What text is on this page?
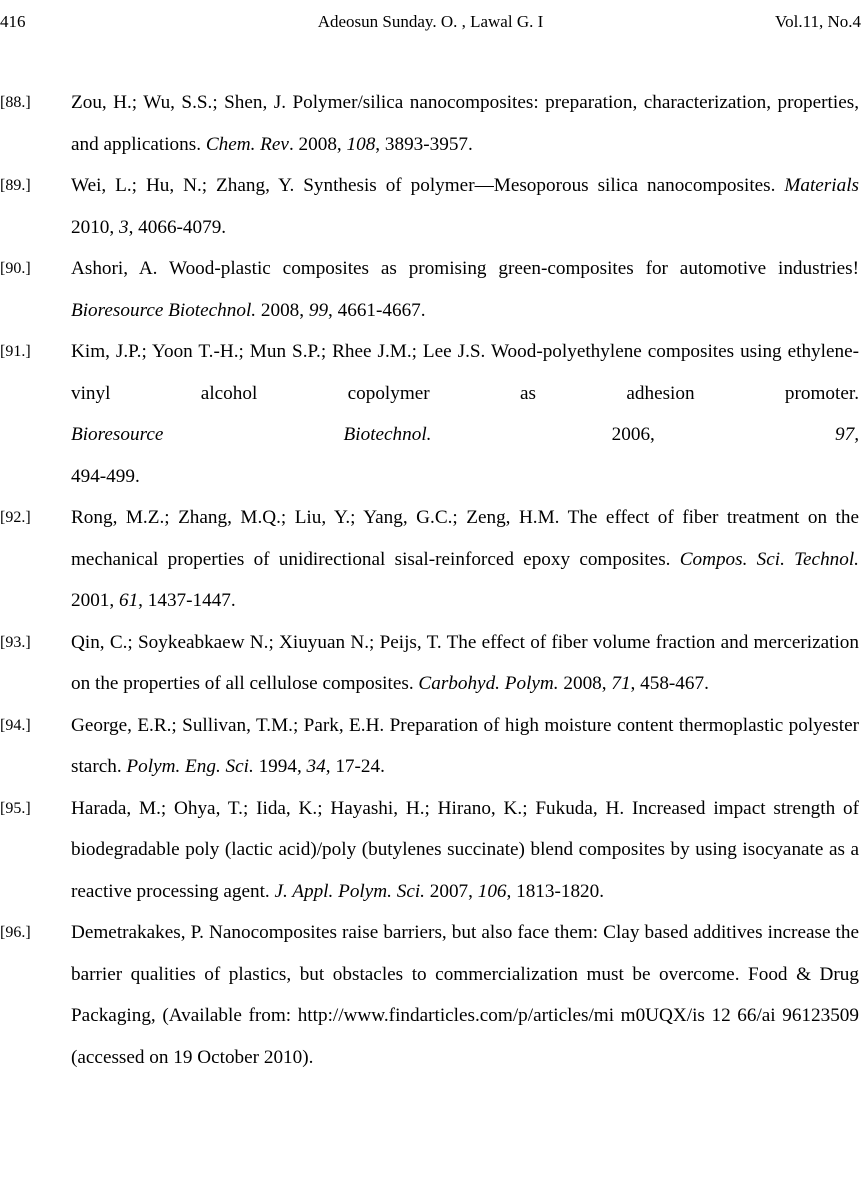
416	Adeosun Sunday. O. , Lawal G. I	Vol.11, No.4
[88.] Zou, H.; Wu, S.S.; Shen, J. Polymer/silica nanocomposites: preparation, characterization, properties, and applications. Chem. Rev. 2008, 108, 3893-3957.
[89.] Wei, L.; Hu, N.; Zhang, Y. Synthesis of polymer—Mesoporous silica nanocomposites. Materials 2010, 3, 4066-4079.
[90.] Ashori, A. Wood-plastic composites as promising green-composites for automotive industries! Bioresource Biotechnol. 2008, 99, 4661-4667.
[91.] Kim, J.P.; Yoon T.-H.; Mun S.P.; Rhee J.M.; Lee J.S. Wood-polyethylene composites using ethylene-vinyl alcohol copolymer as adhesion promoter.
Bioresource	Biotechnol.	2006,	97,
494-499.
[92.] Rong, M.Z.; Zhang, M.Q.; Liu, Y.; Yang, G.C.; Zeng, H.M. The effect of fiber treatment on the mechanical properties of unidirectional sisal-reinforced epoxy composites. Compos. Sci. Technol. 2001, 61, 1437-1447.
[93.] Qin, C.; Soykeabkaew N.; Xiuyuan N.; Peijs, T. The effect of fiber volume fraction and mercerization on the properties of all cellulose composites. Carbohyd. Polym. 2008, 71, 458-467.
[94.] George, E.R.; Sullivan, T.M.; Park, E.H. Preparation of high moisture content thermoplastic polyester starch. Polym. Eng. Sci. 1994, 34, 17-24.
[95.] Harada, M.; Ohya, T.; Iida, K.; Hayashi, H.; Hirano, K.; Fukuda, H. Increased impact strength of biodegradable poly (lactic acid)/poly (butylenes succinate) blend composites by using isocyanate as a reactive processing agent. J. Appl. Polym. Sci. 2007, 106, 1813-1820.
[96.] Demetrakakes, P. Nanocomposites raise barriers, but also face them: Clay based additives increase the barrier qualities of plastics, but obstacles to commercialization must be overcome. Food & Drug Packaging, (Available from: http://www.findarticles.com/p/articles/mi m0UQX/is 12 66/ai 96123509 (accessed on 19 October 2010).
